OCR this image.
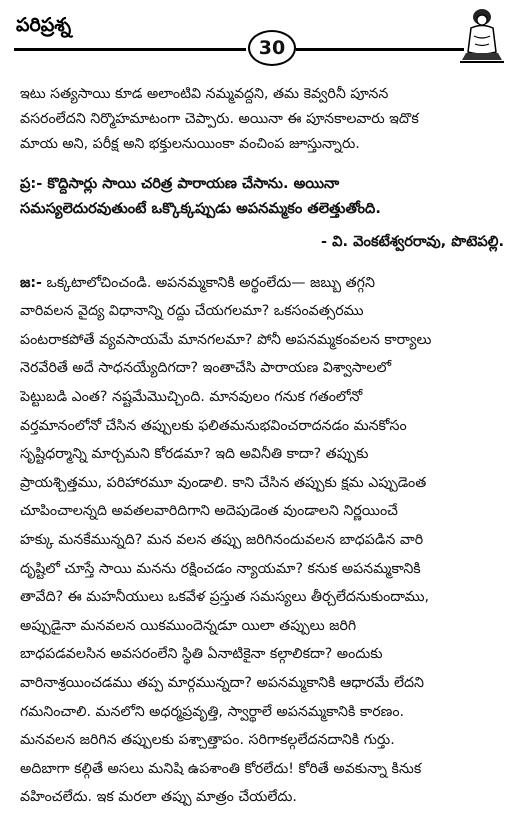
పరిప్రశ్న
30

ఇటు సత్యసాయి కూడ అలాంటివి నమ్మవద్దని, తమ కెవ్వరినీ పూనన
వసరంలేదని నిర్మొహమాటంగా చెప్పారు. అయినా ఈ పూనకాలవారు ఇదొక
మాయ అని, పరీక్ష అని భక్తులనుయింకా వంచింప జూస్తున్నారు.

ప్ర:- కొద్దిసార్లు సాయి చరిత్ర పారాయణ చేసాను. అయినా
సమస్యలెదురవుతుంటే ఒక్కొక్కప్పుడు అపనమ్మకం తలెత్తుతోంది.

- వి. వెంకటేశ్వరరావు, పొటెపల్లి.

జ:- ఒక్కటాలోచించండి. అపనమ్మకానికి అర్థంలేదు— జబ్బు తగ్గని
వారివలన వైద్య విధానాన్ని రద్దు చేయగలమా? ఒకసంవత్సరము
పంటరాకపోతే వ్యవసాయమే మానగలమా? పోనీ అపనమ్మకంవలన కార్యాలు
నెరవేరితే అదే సాధనయ్యేదిగదా? ఇంతాచేసి పారాయణ విశ్వాసాలలో
పెట్టుబడి ఎంత? నష్టమేమొచ్చింది. మానవులం గనుక గతంలోనో
వర్తమానంలోనో చేసిన తప్పులకు ఫలితమనుభవించరాదనడం మనకోసం
సృష్టిధర్మాన్ని మార్చమని కోరడమా? ఇది అవినీతి కాదా? తప్పుకు
ప్రాయశ్చిత్తము, పరిహారమూ వుండాలి. కాని చేసిన తప్పుకు క్షమ ఎప్పుడెంత
చూపించాలన్నది అవతలవారిదిగాని అదెపుడెంత వుండాలని నిర్ణయించే
హక్కు మనకేమున్నది? మన వలన తప్పు జరిగినందువలన బాధపడిన వారి
దృష్టిలో చూస్తే సాయి మనను రక్షించడం న్యాయమా? కనుక అపనమ్మకానికి
తావేది? ఈ మహనీయులు ఒకవేళ ప్రస్తుత సమస్యలు తీర్చలేదనుకుందాము,
అప్పుడైనా మనవలన యికముందెన్నడూ యిలా తప్పులు జరిగి
బాధపడవలసిన అవసరంలేని స్థితి ఏనాటికైనా కల్గాలికదా? అందుకు
వారినాశ్రయించడము తప్ప మార్గమున్నదా? అపనమ్మకానికి ఆధారమే లేదని
గమనించాలి. మనలోని అధర్మప్రవృత్తి, స్వార్థాలే అపనమ్మకానికి కారణం.
మనవలన జరిగిన తప్పులకు పశ్చాత్తాపం. సరిగాకల్గలేదనదానికి గుర్తు.
అదిబాగా కల్గితే అసలు మనిషి ఉపశాంతి కోరలేదు! కోరితే అవకున్నా కినుక
వహించలేదు. ఇక మరలా తప్పు మాత్రం చేయలేదు.
